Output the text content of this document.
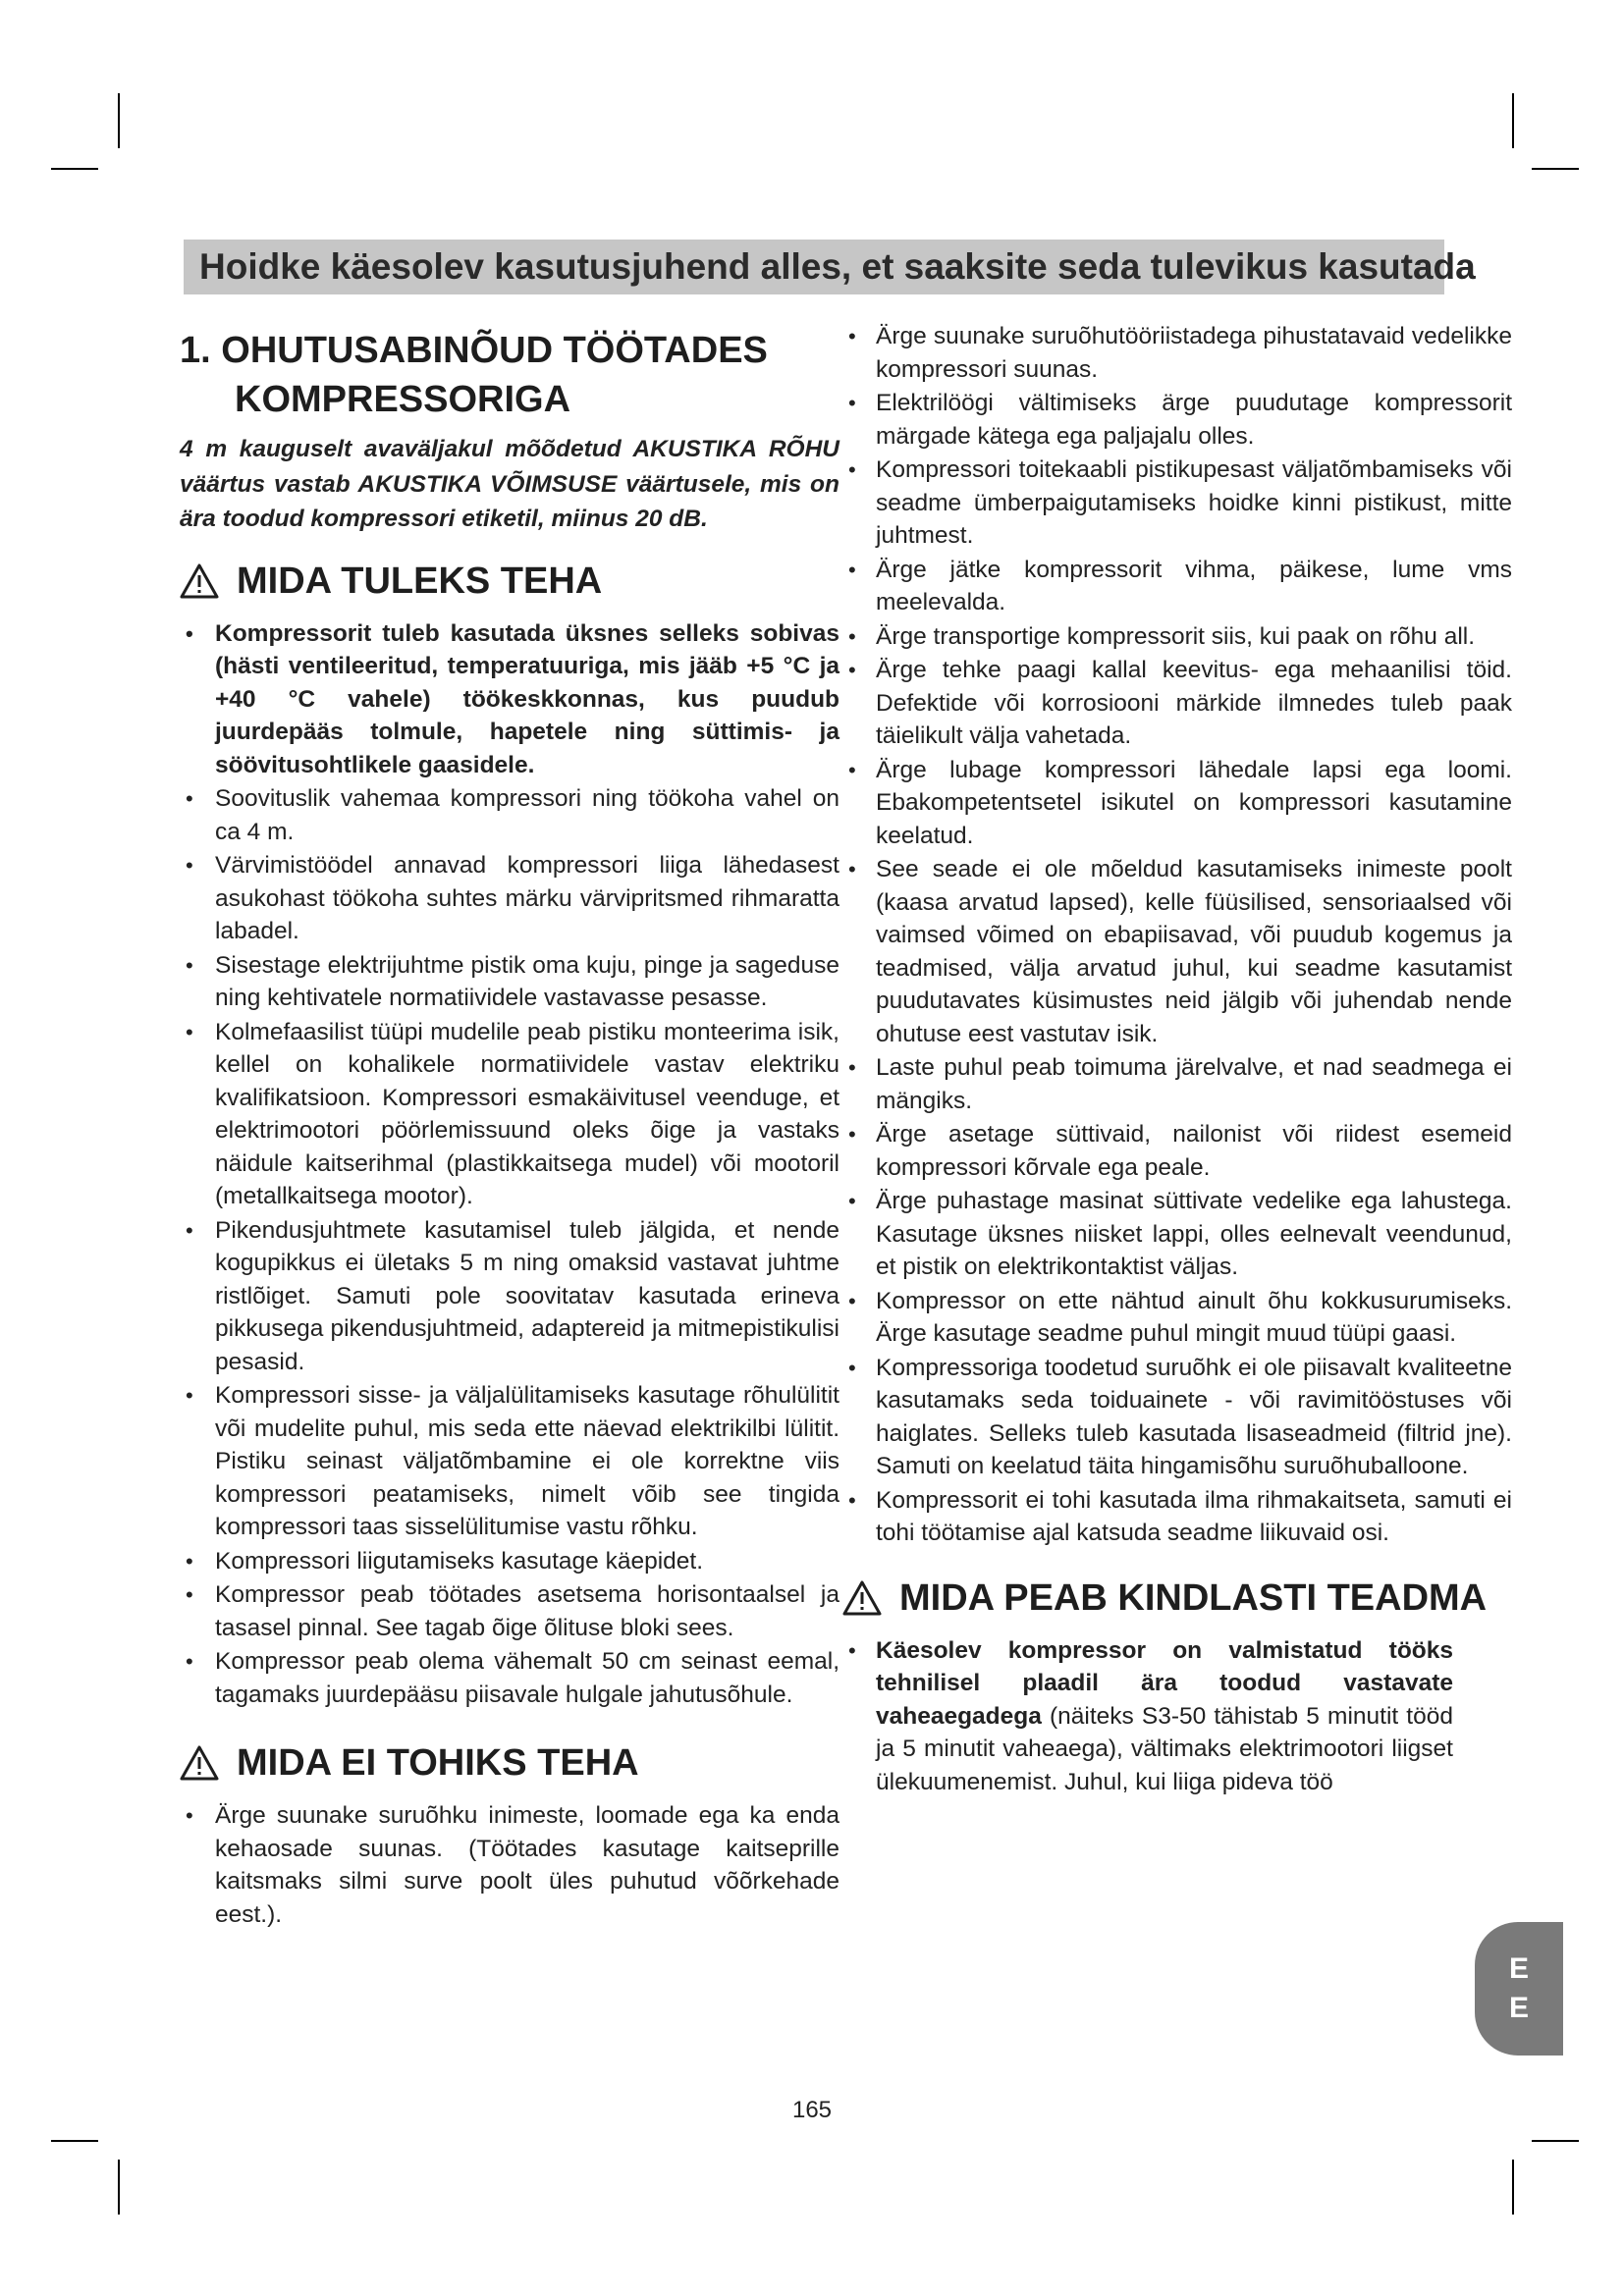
Hoidke käesolev kasutusjuhend alles, et saaksite seda tulevikus kasutada
1. OHUTUSABINÕUD TÖÖTADES
KOMPRESSORIGA

4 m kauguselt avaväljakul mõõdetud AKUSTIKA RÕHU väärtus vastab AKUSTIKA VÕIMSUSE väärtusele, mis on ära toodud kompressori etiketil, miinus 20 dB.

MIDA TULEKS TEHA
• Kompressorit tuleb kasutada üksnes selleks sobivas (hästi ventileeritud, temperatuuriga, mis jääb +5 °C ja +40 °C vahele) töökeskkonnas, kus puudub juurdepääs tolmule, hapetele ning süttimis- ja söövitusohtlikele gaasidele.
• Soovituslik vahemaa kompressori ning töökoha vahel on ca 4 m.
• Värvimistöödel annavad kompressori liiga lähedasest asukohast töökoha suhtes märku värvipritsmed rihmaratta labadel.
• Sisestage elektrijuhtme pistik oma kuju, pinge ja sageduse ning kehtivatele normatiividele vastavasse pesasse.
• Kolmefaasilist tüüpi mudelile peab pistiku monteerima isik, kellel on kohalikele normatiividele vastav elektriku kvalifikatsioon. Kompressori esmakäivitusel veenduge, et elektrimootori pöörlemissuund oleks õige ja vastaks näidule kaitserihmal (plastikkaitsega mudel) või mootoril (metallkaitsega mootor).
• Pikendusjuhtmete kasutamisel tuleb jälgida, et nende kogupikkus ei ületaks 5 m ning omaksid vastavat juhtme ristlõiget. Samuti pole soovitatav kasutada erineva pikkusega pikendusjuhtmeid, adaptereid ja mitmepistikulisi pesasid.
• Kompressori sisse- ja väljalülitamiseks kasutage rõhulülitit või mudelite puhul, mis seda ette näevad elektrikilbi lülitit. Pistiku seinast väljatõmbamine ei ole korrektne viis kompressori peatamiseks, nimelt võib see tingida kompressori taas sisselülitumise vastu rõhku.
• Kompressori liigutamiseks kasutage käepidet.
• Kompressor peab töötades asetsema horisontaalsel ja tasasel pinnal. See tagab õige õlituse bloki sees.
• Kompressor peab olema vähemalt 50 cm seinast eemal, tagamaks juurdepääsu piisavale hulgale jahutusõhule.
MIDA EI TOHIKS TEHA
• Ärge suunake suruõhku inimeste, loomade ega ka enda kehaosade suunas. (Töötades kasutage kaitseprille kaitsmaks silmi surve poolt üles puhutud võõrkehade eest.).
• Ärge suunake suruõhutööriistadega pihustatavaid vedelikke kompressori suunas.
• Elektrilöögi vältimiseks ärge puudutage kompressorit märgade kätega ega paljajalu olles.
• Kompressori toitekaabli pistikupesast väljatõmbamiseks või seadme ümberpaigutamiseks hoidke kinni pistikust, mitte juhtmest.
• Ärge jätke kompressorit vihma, päikese, lume vms meelevalda.
• Ärge transportige kompressorit siis, kui paak on rõhu all.
• Ärge tehke paagi kallal keevitus- ega mehaanilisi töid. Defektide või korrosiooni märkide ilmnedes tuleb paak täielikult välja vahetada.
• Ärge lubage kompressori lähedale lapsi ega loomi. Ebakompetentsetel isikutel on kompressori kasutamine keelatud.
• See seade ei ole mõeldud kasutamiseks inimeste poolt (kaasa arvatud lapsed), kelle füüsilised, sensoriaalsed või vaimsed võimed on ebapiisavad, või puudub kogemus ja teadmised, välja arvatud juhul, kui seadme kasutamist puudutavates küsimustes neid jälgib või juhendab nende ohutuse eest vastutav isik.
• Laste puhul peab toimuma järelvalve, et nad seadmega ei mängiks.
• Ärge asetage süttivaid, nailonist või riidest esemeid kompressori kõrvale ega peale.
• Ärge puhastage masinat süttivate vedelike ega lahustega. Kasutage üksnes niisket lappi, olles eelnevalt veendunud, et pistik on elektrikontaktist väljas.
• Kompressor on ette nähtud ainult õhu kokkusurumiseks. Ärge kasutage seadme puhul mingit muud tüüpi gaasi.
• Kompressoriga toodetud suruõhk ei ole piisavalt kvaliteetne kasutamaks seda toiduainete - või ravimitööstuses või haiglates. Selleks tuleb kasutada lisaseadmeid (filtrid jne). Samuti on keelatud täita hingamisõhu suruõhuballoone.
• Kompressorit ei tohi kasutada ilma rihmakaitseta, samuti ei tohi töötamise ajal katsuda seadme liikuvaid osi.
MIDA PEAB KINDLASTI TEADMA
• Käesolev kompressor on valmistatud tööks tehnilisel plaadil ära toodud vastavate vaheaegadega (näiteks S3-50 tähistab 5 minutit tööd ja 5 minutit vaheaega), vältimaks elektrimootori liigset ülekuumenemist. Juhul, kui liiga pideva töö
E
E
165
